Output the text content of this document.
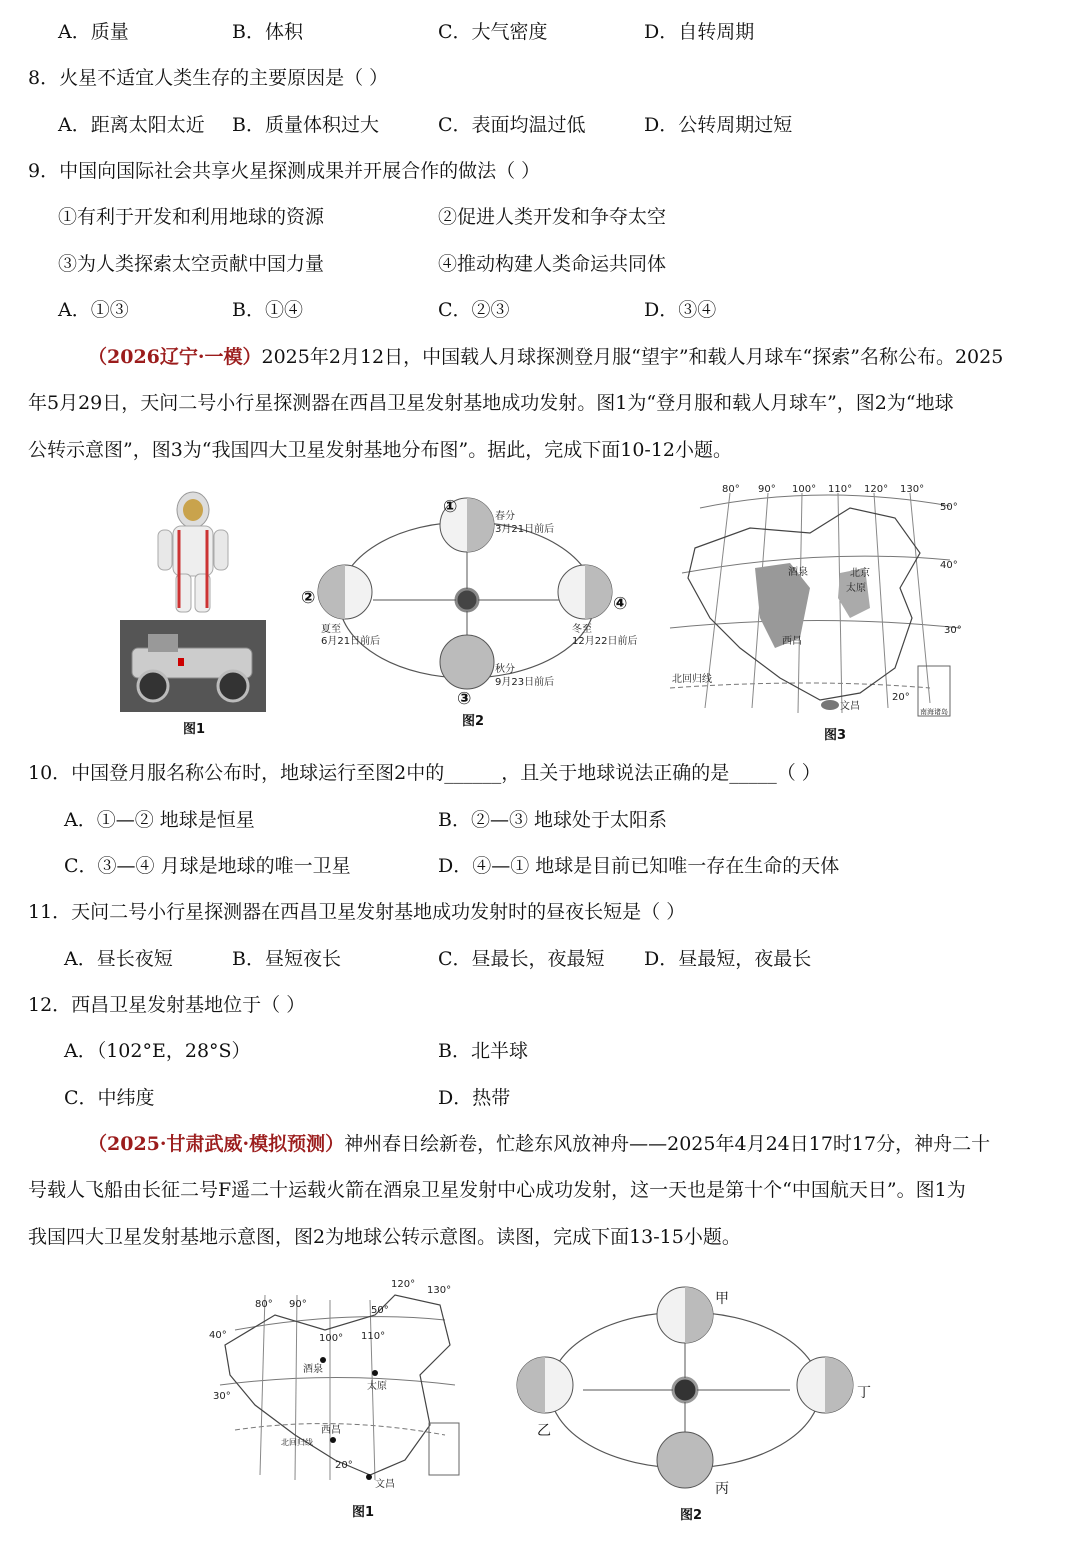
A．质量	B．体积	C．大气密度	D．自转周期
8．火星不适宜人类生存的主要原因是（ ）
A．距离太阳太近 B．质量体积过大	C．表面均温过低	D．公转周期过短
9．中国向国际社会共享火星探测成果并开展合作的做法（ ）
①有利于开发和利用地球的资源	②促进人类开发和争夺太空
③为人类探索太空贡献中国力量	④推动构建人类命运共同体
A．①③	B．①④	C．②③	D．③④
（2026辽宁·一模）2025年2月12日，中国载人月球探测登月服“望宇”和载人月球车“探索”名称公布。2025
年5月29日，天问二号小行星探测器在西昌卫星发射基地成功发射。图1为“登月服和载人月球车”，图2为“地球
公转示意图”，图3为“我国四大卫星发射基地分布图”。据此，完成下面10-12小题。
图1
①
②
③
④
春分
3月21日前后
夏至
6月21日前后
秋分
9月23日前后
冬至
12月22日前后
图2
80° 90° 100° 110° 120° 130°
50°
40°
30°
20°
酒泉	北京
太原
西昌
文昌
北回归线
南海诸岛
图3
10．中国登月服名称公布时，地球运行至图2中的______，且关于地球说法正确的是_____（ ）
A．①—② 地球是恒星	B．②—③ 地球处于太阳系
C．③—④ 月球是地球的唯一卫星	D．④—① 地球是目前已知唯一存在生命的天体
11．天问二号小行星探测器在西昌卫星发射基地成功发射时的昼夜长短是（ ）
A．昼长夜短	B．昼短夜长	C．昼最长，夜最短 D．昼最短，夜最长
12．西昌卫星发射基地位于（ ）
A．（102°E，28°S）	B．北半球
C．中纬度	D．热带
（2025·甘肃武威·模拟预测）神州春日绘新卷，忙趁东风放神舟——2025年4月24日17时17分，神舟二十
号载人飞船由长征二号F遥二十运载火箭在酒泉卫星发射中心成功发射，这一天也是第十个“中国航天日”。图1为
我国四大卫星发射基地示意图，图2为地球公转示意图。读图，完成下面13-15小题。
80° 90°
100° 110°
120°
130°
50°
40°
30°
20°
酒泉
太原
西昌
文昌
北回归线
图1
甲
乙
丙
丁
图2
